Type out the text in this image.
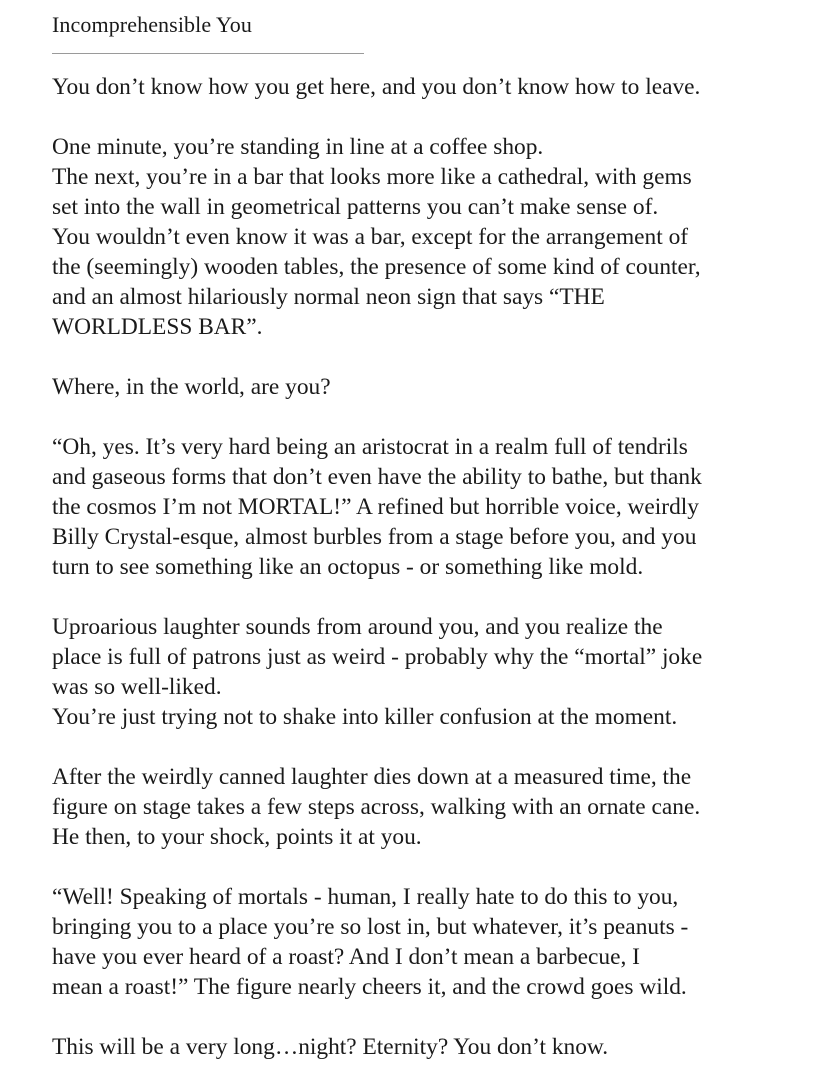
Incomprehensible You

You don’t know how you get here, and you don’t know how to leave.

One minute, you’re standing in line at a coffee shop.
The next, you’re in a bar that looks more like a cathedral, with gems
set into the wall in geometrical patterns you can’t make sense of.
You wouldn’t even know it was a bar, except for the arrangement of
the (seemingly) wooden tables, the presence of some kind of counter,
and an almost hilariously normal neon sign that says “THE
WORLDLESS BAR”.

Where, in the world, are you?

“Oh, yes. It’s very hard being an aristocrat in a realm full of tendrils
and gaseous forms that don’t even have the ability to bathe, but thank
the cosmos I’m not MORTAL!” A refined but horrible voice, weirdly
Billy Crystal-esque, almost burbles from a stage before you, and you
turn to see something like an octopus - or something like mold.

Uproarious laughter sounds from around you, and you realize the
place is full of patrons just as weird - probably why the “mortal” joke
was so well-liked.
You’re just trying not to shake into killer confusion at the moment.

After the weirdly canned laughter dies down at a measured time, the
figure on stage takes a few steps across, walking with an ornate cane.
He then, to your shock, points it at you.

“Well! Speaking of mortals - human, I really hate to do this to you,
bringing you to a place you’re so lost in, but whatever, it’s peanuts -
have you ever heard of a roast? And I don’t mean a barbecue, I
mean a roast!” The figure nearly cheers it, and the crowd goes wild.

This will be a very long…night? Eternity? You don’t know.
